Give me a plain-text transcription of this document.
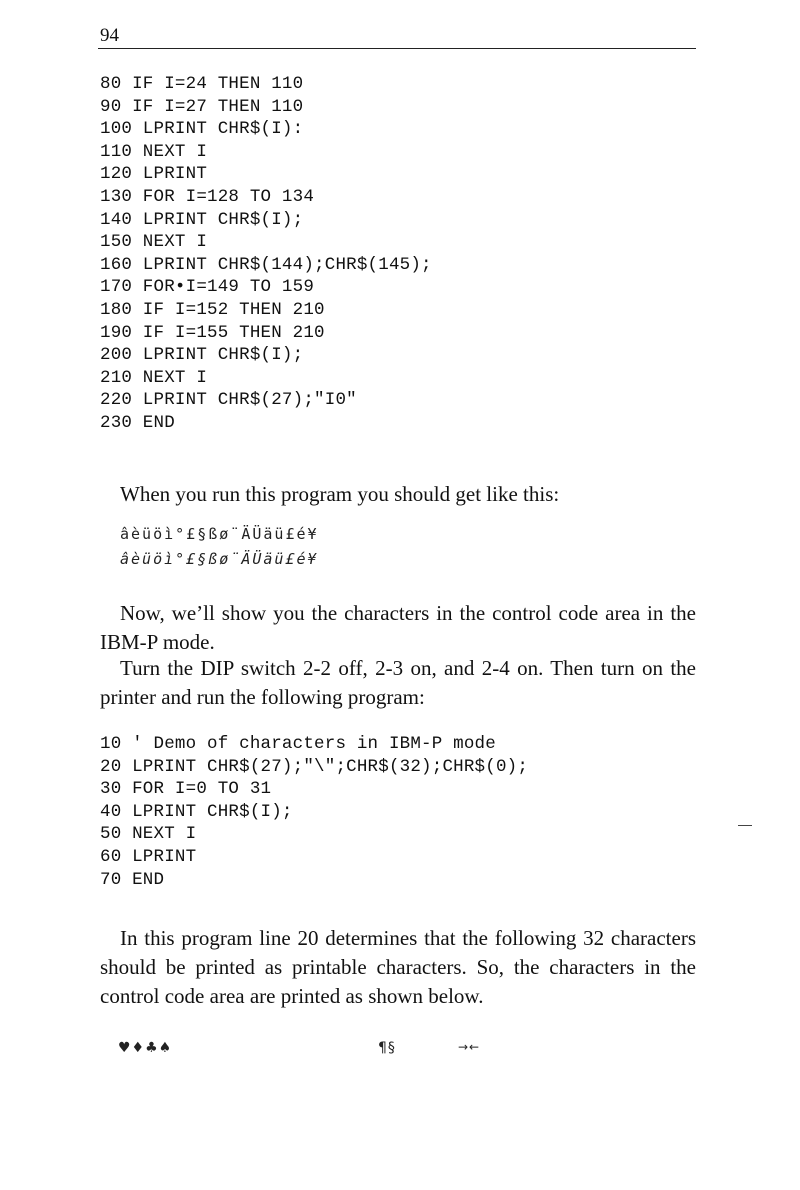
94
80 IF I=24 THEN 110
90 IF I=27 THEN 110
100 LPRINT CHR$(I):
110 NEXT I
120 LPRINT
130 FOR I=128 TO 134
140 LPRINT CHR$(I);
150 NEXT I
160 LPRINT CHR$(144);CHR$(145);
170 FOR•I=149 TO 159
180 IF I=152 THEN 210
190 IF I=155 THEN 210
200 LPRINT CHR$(I);
210 NEXT I
220 LPRINT CHR$(27);"I0"
230 END

When you run this program you should get like this:

âèüöì°£§ßø¨ÄÜäü£é¥
âèüöì°£§ßø¨ÄÜäü£é¥

Now, we’ll show you the characters in the control code area in the IBM-P mode.

Turn the DIP switch 2-2 off, 2-3 on, and 2-4 on. Then turn on the printer and run the following program:

10 ' Demo of characters in IBM-P mode
20 LPRINT CHR$(27);"\";CHR$(32);CHR$(0);
30 FOR I=0 TO 31
40 LPRINT CHR$(I);
50 NEXT I
60 LPRINT
70 END

In this program line 20 determines that the following 32 characters should be printed as printable characters. So, the characters in the control code area are printed as shown below.

♥♦♣♠	¶§	→←
